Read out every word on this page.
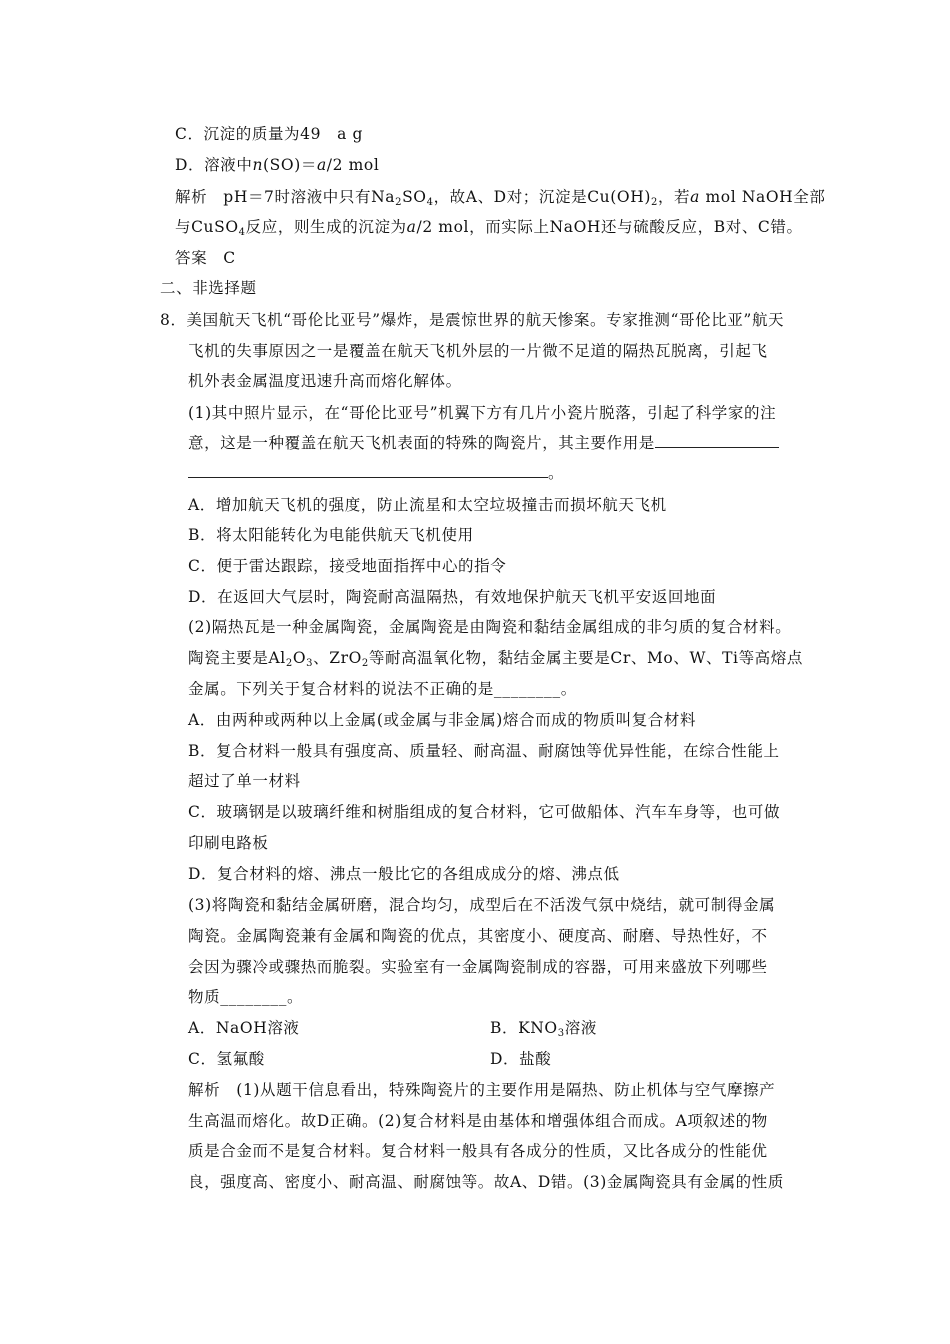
C．沉淀的质量为49　a g
D．溶液中n(SO)＝a/2 mol
解析　pH＝7时溶液中只有$Na_2SO_4$，故A、D对；沉淀是$Cu(OH)_2$，若a mol NaOH全部
与CuSO$_4$反应，则生成的沉淀为a/2 mol，而实际上NaOH还与硫酸反应，B对、C错。
答案　C
二、非选择题
8．美国航天飞机“哥伦比亚号”爆炸，是震惊世界的航天惨案。专家推测“哥伦比亚”航天
飞机的失事原因之一是覆盖在航天飞机外层的一片微不足道的隔热瓦脱离，引起飞
机外表金属温度迅速升高而熔化解体。
(1)其中照片显示，在“哥伦比亚号”机翼下方有几片小瓷片脱落，引起了科学家的注
意，这是一种覆盖在航天飞机表面的特殊的陶瓷片，其主要作用是
。
A．增加航天飞机的强度，防止流星和太空垃圾撞击而损坏航天飞机
B．将太阳能转化为电能供航天飞机使用
C．便于雷达跟踪，接受地面指挥中心的指令
D．在返回大气层时，陶瓷耐高温隔热，有效地保护航天飞机平安返回地面
(2)隔热瓦是一种金属陶瓷，金属陶瓷是由陶瓷和黏结金属组成的非匀质的复合材料。
陶瓷主要是$Al_2O_3$、ZrO$_2$等耐高温氧化物，黏结金属主要是Cr、Mo、W、Ti等高熔点
金属。下列关于复合材料的说法不正确的是________。
A．由两种或两种以上金属(或金属与非金属)熔合而成的物质叫复合材料
B．复合材料一般具有强度高、质量轻、耐高温、耐腐蚀等优异性能，在综合性能上
超过了单一材料
C．玻璃钢是以玻璃纤维和树脂组成的复合材料，它可做船体、汽车车身等，也可做
印刷电路板
D．复合材料的熔、沸点一般比它的各组成成分的熔、沸点低
(3)将陶瓷和黏结金属研磨，混合均匀，成型后在不活泼气氛中烧结，就可制得金属
陶瓷。金属陶瓷兼有金属和陶瓷的优点，其密度小、硬度高、耐磨、导热性好，不
会因为骤冷或骤热而脆裂。实验室有一金属陶瓷制成的容器，可用来盛放下列哪些
物质________。
A．NaOH溶液	B．$KNO_3$溶液
C．氢氟酸	D．盐酸
解析　(1)从题干信息看出，特殊陶瓷片的主要作用是隔热、防止机体与空气摩擦产
生高温而熔化。故D正确。(2)复合材料是由基体和增强体组合而成。A项叙述的物
质是合金而不是复合材料。复合材料一般具有各成分的性质，又比各成分的性能优
良，强度高、密度小、耐高温、耐腐蚀等。故A、D错。(3)金属陶瓷具有金属的性质
